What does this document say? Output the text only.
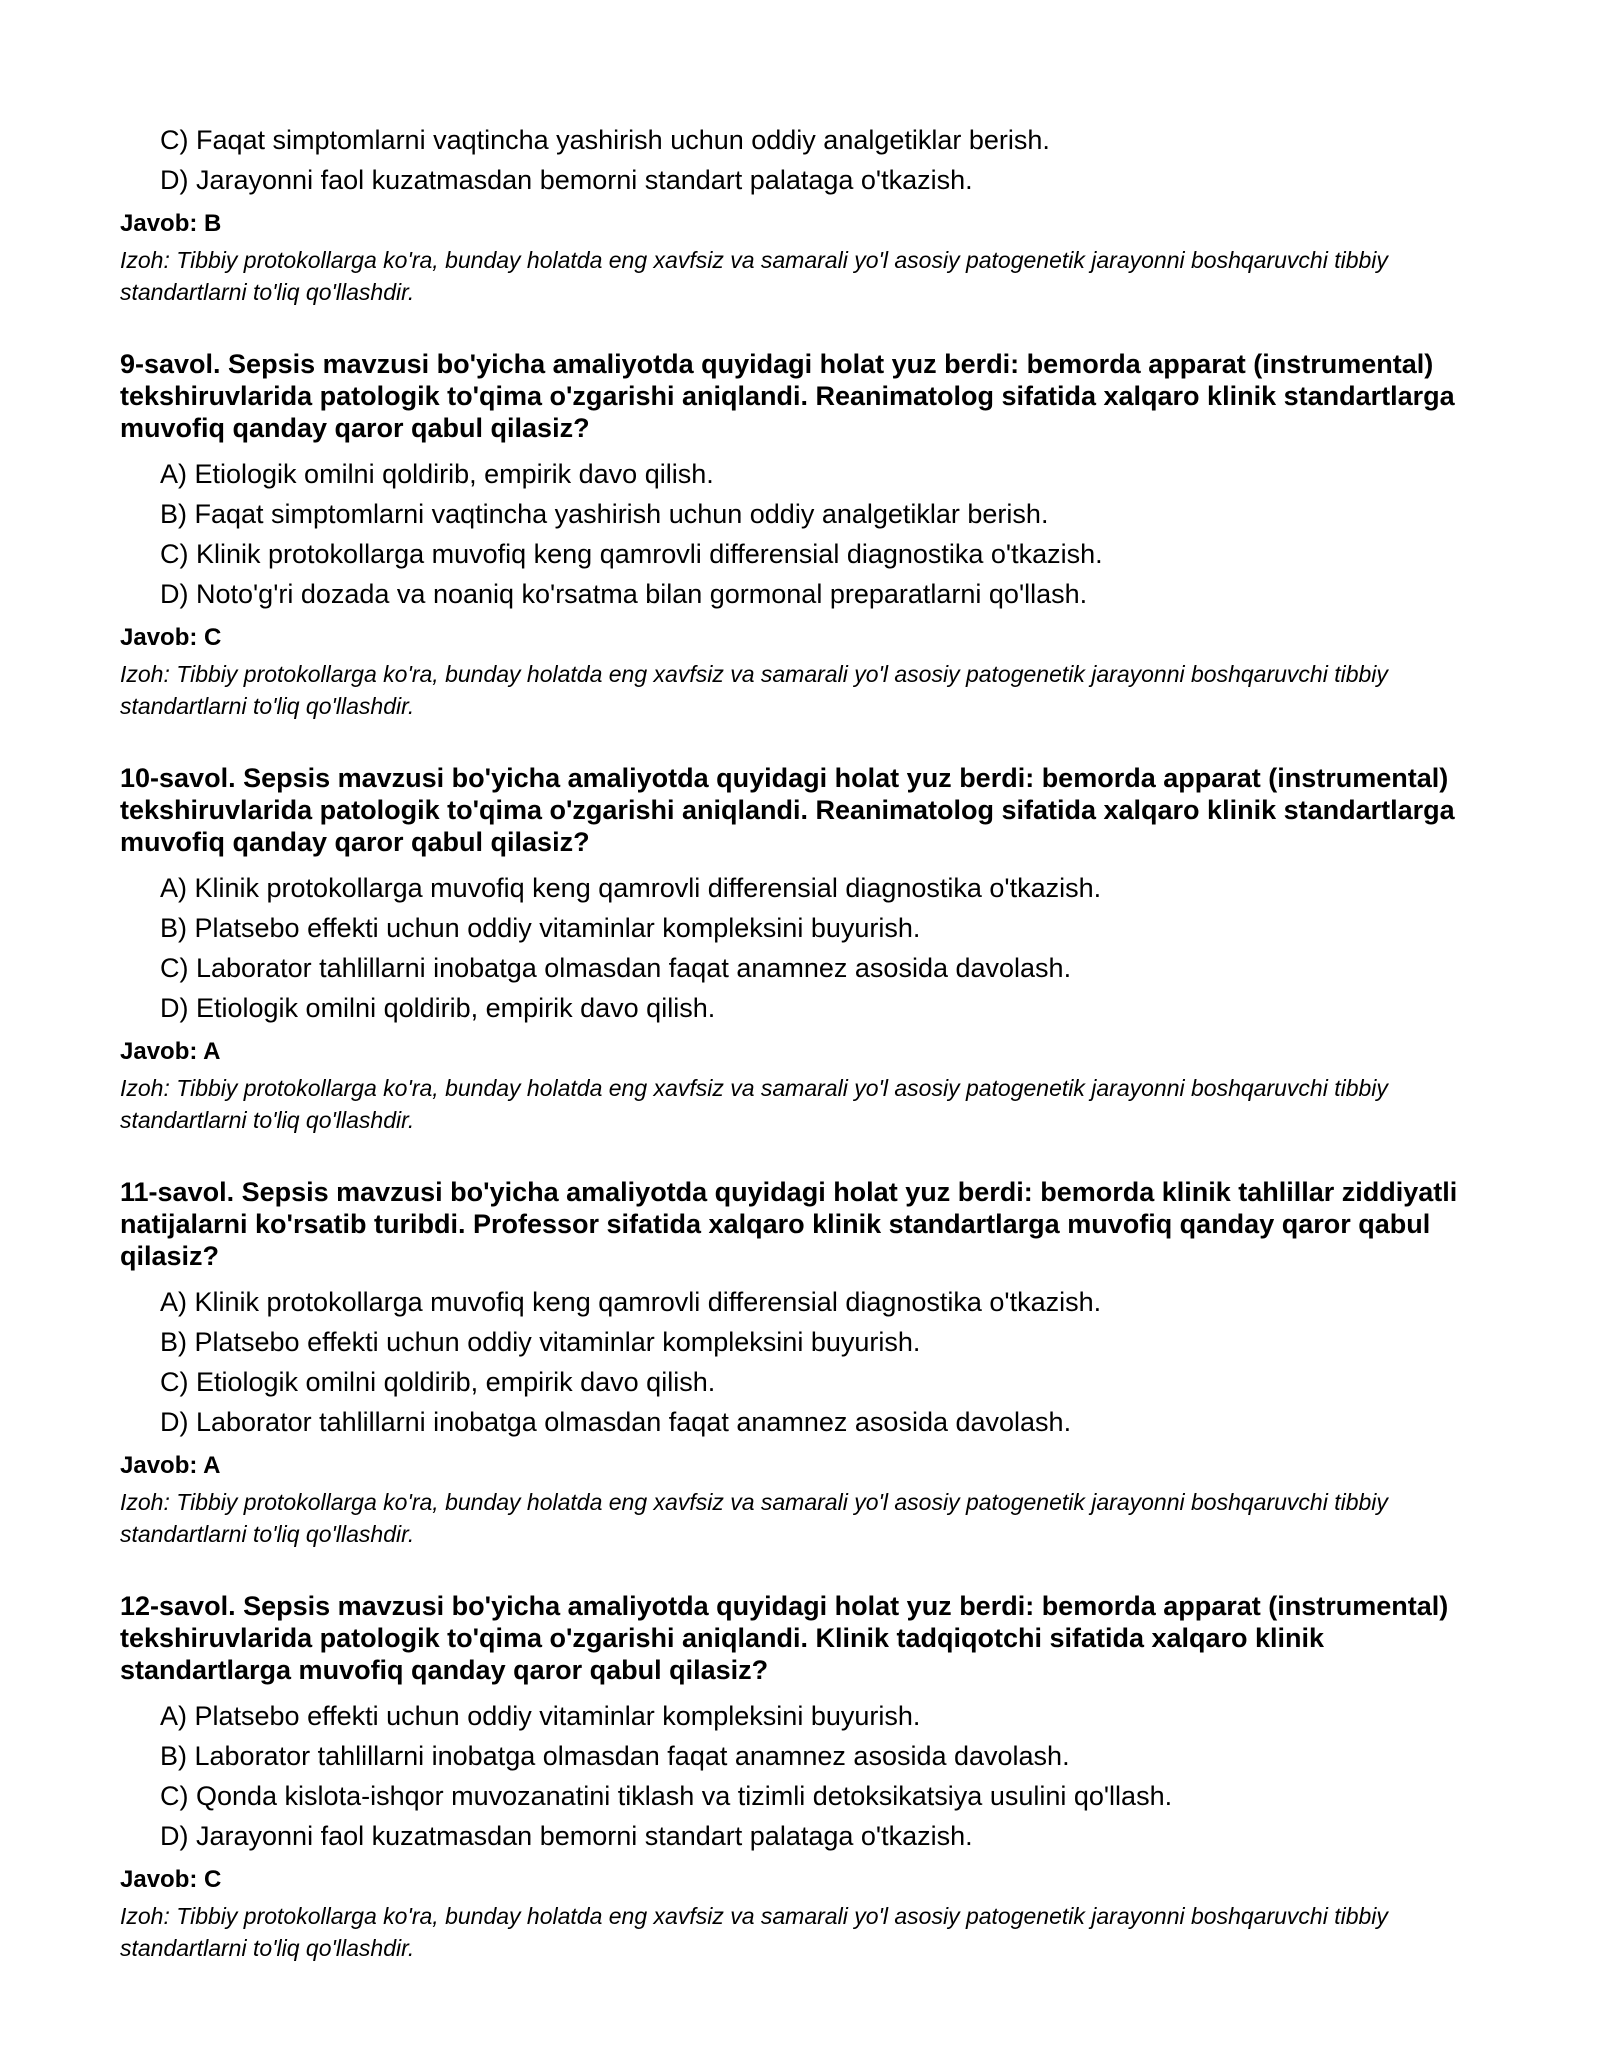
C) Faqat simptomlarni vaqtincha yashirish uchun oddiy analgetiklar berish.
D) Jarayonni faol kuzatmasdan bemorni standart palataga o'tkazish.
Javob: B
Izoh: Tibbiy protokollarga ko'ra, bunday holatda eng xavfsiz va samarali yo'l asosiy patogenetik jarayonni boshqaruvchi tibbiy standartlarni to'liq qo'llashdir.
9-savol. Sepsis mavzusi bo'yicha amaliyotda quyidagi holat yuz berdi: bemorda apparat (instrumental) tekshiruvlarida patologik to'qima o'zgarishi aniqlandi. Reanimatolog sifatida xalqaro klinik standartlarga muvofiq qanday qaror qabul qilasiz?
A) Etiologik omilni qoldirib, empirik davo qilish.
B) Faqat simptomlarni vaqtincha yashirish uchun oddiy analgetiklar berish.
C) Klinik protokollarga muvofiq keng qamrovli differensial diagnostika o'tkazish.
D) Noto'g'ri dozada va noaniq ko'rsatma bilan gormonal preparatlarni qo'llash.
Javob: C
Izoh: Tibbiy protokollarga ko'ra, bunday holatda eng xavfsiz va samarali yo'l asosiy patogenetik jarayonni boshqaruvchi tibbiy standartlarni to'liq qo'llashdir.
10-savol. Sepsis mavzusi bo'yicha amaliyotda quyidagi holat yuz berdi: bemorda apparat (instrumental) tekshiruvlarida patologik to'qima o'zgarishi aniqlandi. Reanimatolog sifatida xalqaro klinik standartlarga muvofiq qanday qaror qabul qilasiz?
A) Klinik protokollarga muvofiq keng qamrovli differensial diagnostika o'tkazish.
B) Platsebo effekti uchun oddiy vitaminlar kompleksini buyurish.
C) Laborator tahlillarni inobatga olmasdan faqat anamnez asosida davolash.
D) Etiologik omilni qoldirib, empirik davo qilish.
Javob: A
Izoh: Tibbiy protokollarga ko'ra, bunday holatda eng xavfsiz va samarali yo'l asosiy patogenetik jarayonni boshqaruvchi tibbiy standartlarni to'liq qo'llashdir.
11-savol. Sepsis mavzusi bo'yicha amaliyotda quyidagi holat yuz berdi: bemorda klinik tahlillar ziddiyatli natijalarni ko'rsatib turibdi. Professor sifatida xalqaro klinik standartlarga muvofiq qanday qaror qabul qilasiz?
A) Klinik protokollarga muvofiq keng qamrovli differensial diagnostika o'tkazish.
B) Platsebo effekti uchun oddiy vitaminlar kompleksini buyurish.
C) Etiologik omilni qoldirib, empirik davo qilish.
D) Laborator tahlillarni inobatga olmasdan faqat anamnez asosida davolash.
Javob: A
Izoh: Tibbiy protokollarga ko'ra, bunday holatda eng xavfsiz va samarali yo'l asosiy patogenetik jarayonni boshqaruvchi tibbiy standartlarni to'liq qo'llashdir.
12-savol. Sepsis mavzusi bo'yicha amaliyotda quyidagi holat yuz berdi: bemorda apparat (instrumental) tekshiruvlarida patologik to'qima o'zgarishi aniqlandi. Klinik tadqiqotchi sifatida xalqaro klinik standartlarga muvofiq qanday qaror qabul qilasiz?
A) Platsebo effekti uchun oddiy vitaminlar kompleksini buyurish.
B) Laborator tahlillarni inobatga olmasdan faqat anamnez asosida davolash.
C) Qonda kislota-ishqor muvozanatini tiklash va tizimli detoksikatsiya usulini qo'llash.
D) Jarayonni faol kuzatmasdan bemorni standart palataga o'tkazish.
Javob: C
Izoh: Tibbiy protokollarga ko'ra, bunday holatda eng xavfsiz va samarali yo'l asosiy patogenetik jarayonni boshqaruvchi tibbiy standartlarni to'liq qo'llashdir.
